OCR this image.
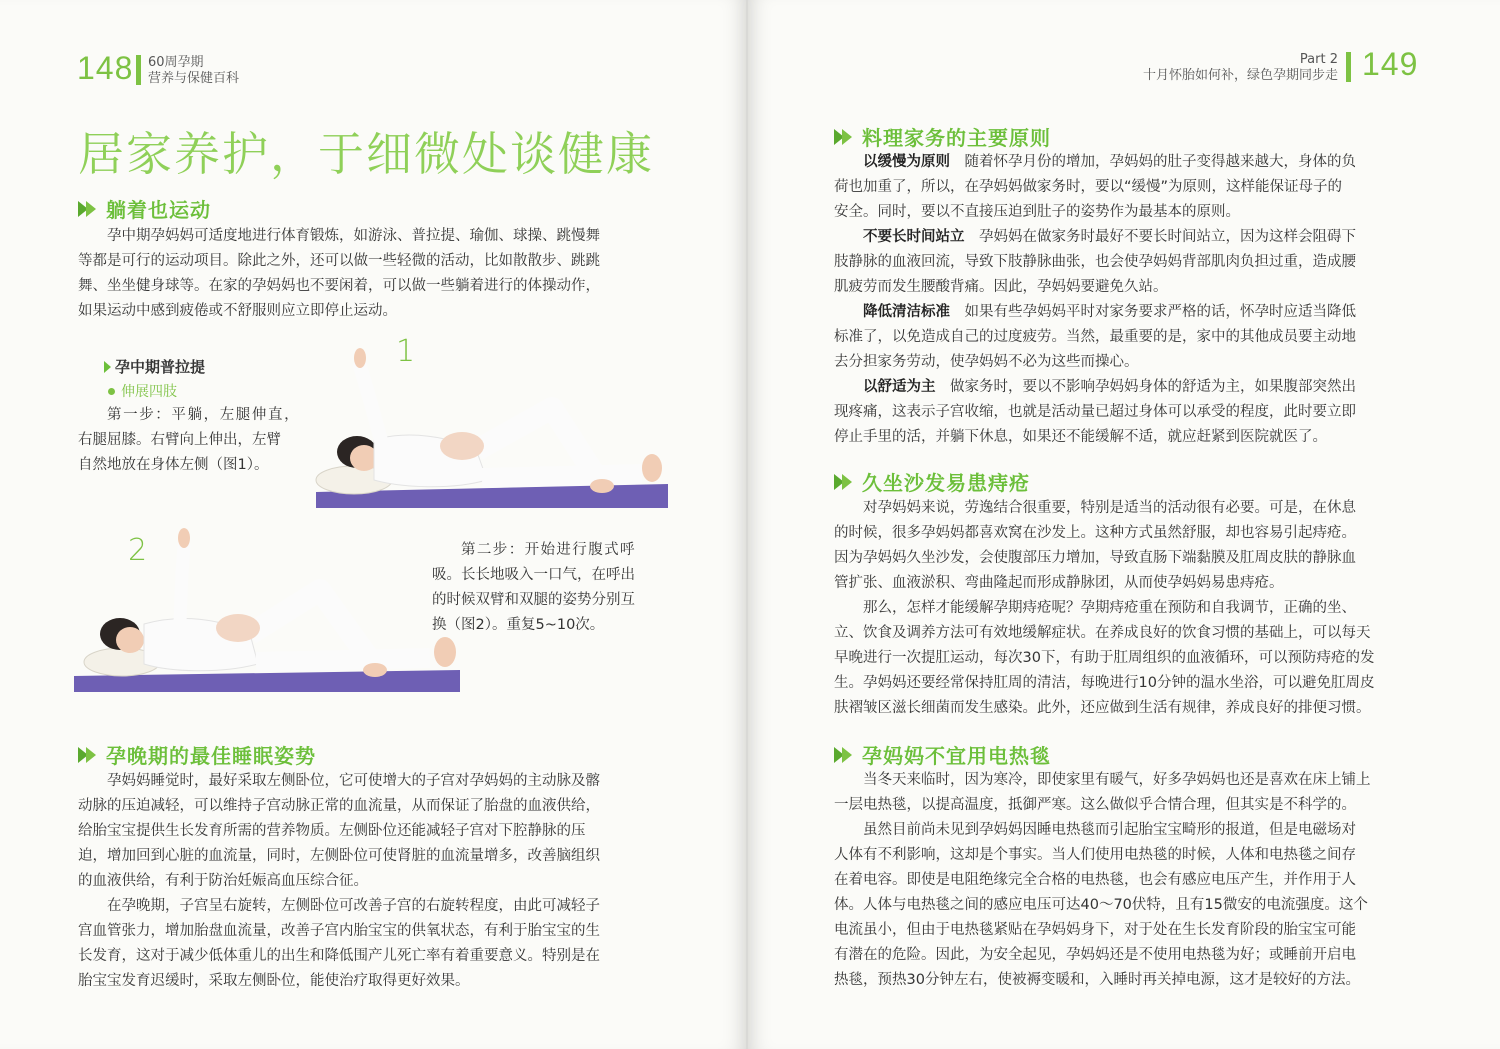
148 60周孕期
营养与保健百科
居家养护，于细微处谈健康
躺着也运动

孕中期孕妈妈可适度地进行体育锻炼，如游泳、普拉提、瑜伽、球操、跳慢舞

等都是可行的运动项目。除此之外，还可以做一些轻微的活动，比如散散步、跳跳

舞、坐坐健身球等。在家的孕妈妈也不要闲着，可以做一些躺着进行的体操动作，

如果运动中感到疲倦或不舒服则应立即停止运动。

孕中期普拉提
伸展四肢

第一步：平躺，左腿伸直，

右腿屈膝。右臂向上伸出，左臂

自然地放在身体左侧（图1）。

1
2	第二步：开始进行腹式呼

吸。长长地吸入一口气，在呼出

的时候双臂和双腿的姿势分别互

换（图2）。重复5~10次。

孕晚期的最佳睡眠姿势

孕妈妈睡觉时，最好采取左侧卧位，它可使增大的子宫对孕妈妈的主动脉及髂

动脉的压迫减轻，可以维持子宫动脉正常的血流量，从而保证了胎盘的血液供给，

给胎宝宝提供生长发育所需的营养物质。左侧卧位还能减轻子宫对下腔静脉的压

迫，增加回到心脏的血流量，同时，左侧卧位可使肾脏的血流量增多，改善脑组织

的血液供给，有利于防治妊娠高血压综合征。

在孕晚期，子宫呈右旋转，左侧卧位可改善子宫的右旋转程度，由此可减轻子

宫血管张力，增加胎盘血流量，改善子宫内胎宝宝的供氧状态，有利于胎宝宝的生

长发育，这对于减少低体重儿的出生和降低围产儿死亡率有着重要意义。特别是在

胎宝宝发育迟缓时，采取左侧卧位，能使治疗取得更好效果。

Part 2
十月怀胎如何补，绿色孕期同步走 149
料理家务的主要原则

以缓慢为原则  随着怀孕月份的增加，孕妈妈的肚子变得越来越大，身体的负

荷也加重了，所以，在孕妈妈做家务时，要以“缓慢”为原则，这样能保证母子的

安全。同时，要以不直接压迫到肚子的姿势作为最基本的原则。

不要长时间站立  孕妈妈在做家务时最好不要长时间站立，因为这样会阻碍下

肢静脉的血液回流，导致下肢静脉曲张，也会使孕妈妈背部肌肉负担过重，造成腰

肌疲劳而发生腰酸背痛。因此，孕妈妈要避免久站。

降低清洁标准  如果有些孕妈妈平时对家务要求严格的话，怀孕时应适当降低

标准了，以免造成自己的过度疲劳。当然，最重要的是，家中的其他成员要主动地

去分担家务劳动，使孕妈妈不必为这些而操心。

以舒适为主  做家务时，要以不影响孕妈妈身体的舒适为主，如果腹部突然出

现疼痛，这表示子宫收缩，也就是活动量已超过身体可以承受的程度，此时要立即

停止手里的活，并躺下休息，如果还不能缓解不适，就应赶紧到医院就医了。

久坐沙发易患痔疮

对孕妈妈来说，劳逸结合很重要，特别是适当的活动很有必要。可是，在休息

的时候，很多孕妈妈都喜欢窝在沙发上。这种方式虽然舒服，却也容易引起痔疮。

因为孕妈妈久坐沙发，会使腹部压力增加，导致直肠下端黏膜及肛周皮肤的静脉血

管扩张、血液淤积、弯曲隆起而形成静脉团，从而使孕妈妈易患痔疮。

那么，怎样才能缓解孕期痔疮呢？孕期痔疮重在预防和自我调节，正确的坐、

立、饮食及调养方法可有效地缓解症状。在养成良好的饮食习惯的基础上，可以每天

早晚进行一次提肛运动，每次30下，有助于肛周组织的血液循环，可以预防痔疮的发

生。孕妈妈还要经常保持肛周的清洁，每晚进行10分钟的温水坐浴，可以避免肛周皮

肤褶皱区滋长细菌而发生感染。此外，还应做到生活有规律，养成良好的排便习惯。

孕妈妈不宜用电热毯

当冬天来临时，因为寒冷，即使家里有暖气，好多孕妈妈也还是喜欢在床上铺上

一层电热毯，以提高温度，抵御严寒。这么做似乎合情合理，但其实是不科学的。

虽然目前尚未见到孕妈妈因睡电热毯而引起胎宝宝畸形的报道，但是电磁场对

人体有不利影响，这却是个事实。当人们使用电热毯的时候，人体和电热毯之间存

在着电容。即使是电阻绝缘完全合格的电热毯，也会有感应电压产生，并作用于人

体。人体与电热毯之间的感应电压可达40～70伏特，且有15微安的电流强度。这个

电流虽小，但由于电热毯紧贴在孕妈妈身下，对于处在生长发育阶段的胎宝宝可能

有潜在的危险。因此，为安全起见，孕妈妈还是不使用电热毯为好；或睡前开启电

热毯，预热30分钟左右，使被褥变暖和，入睡时再关掉电源，这才是较好的方法。
